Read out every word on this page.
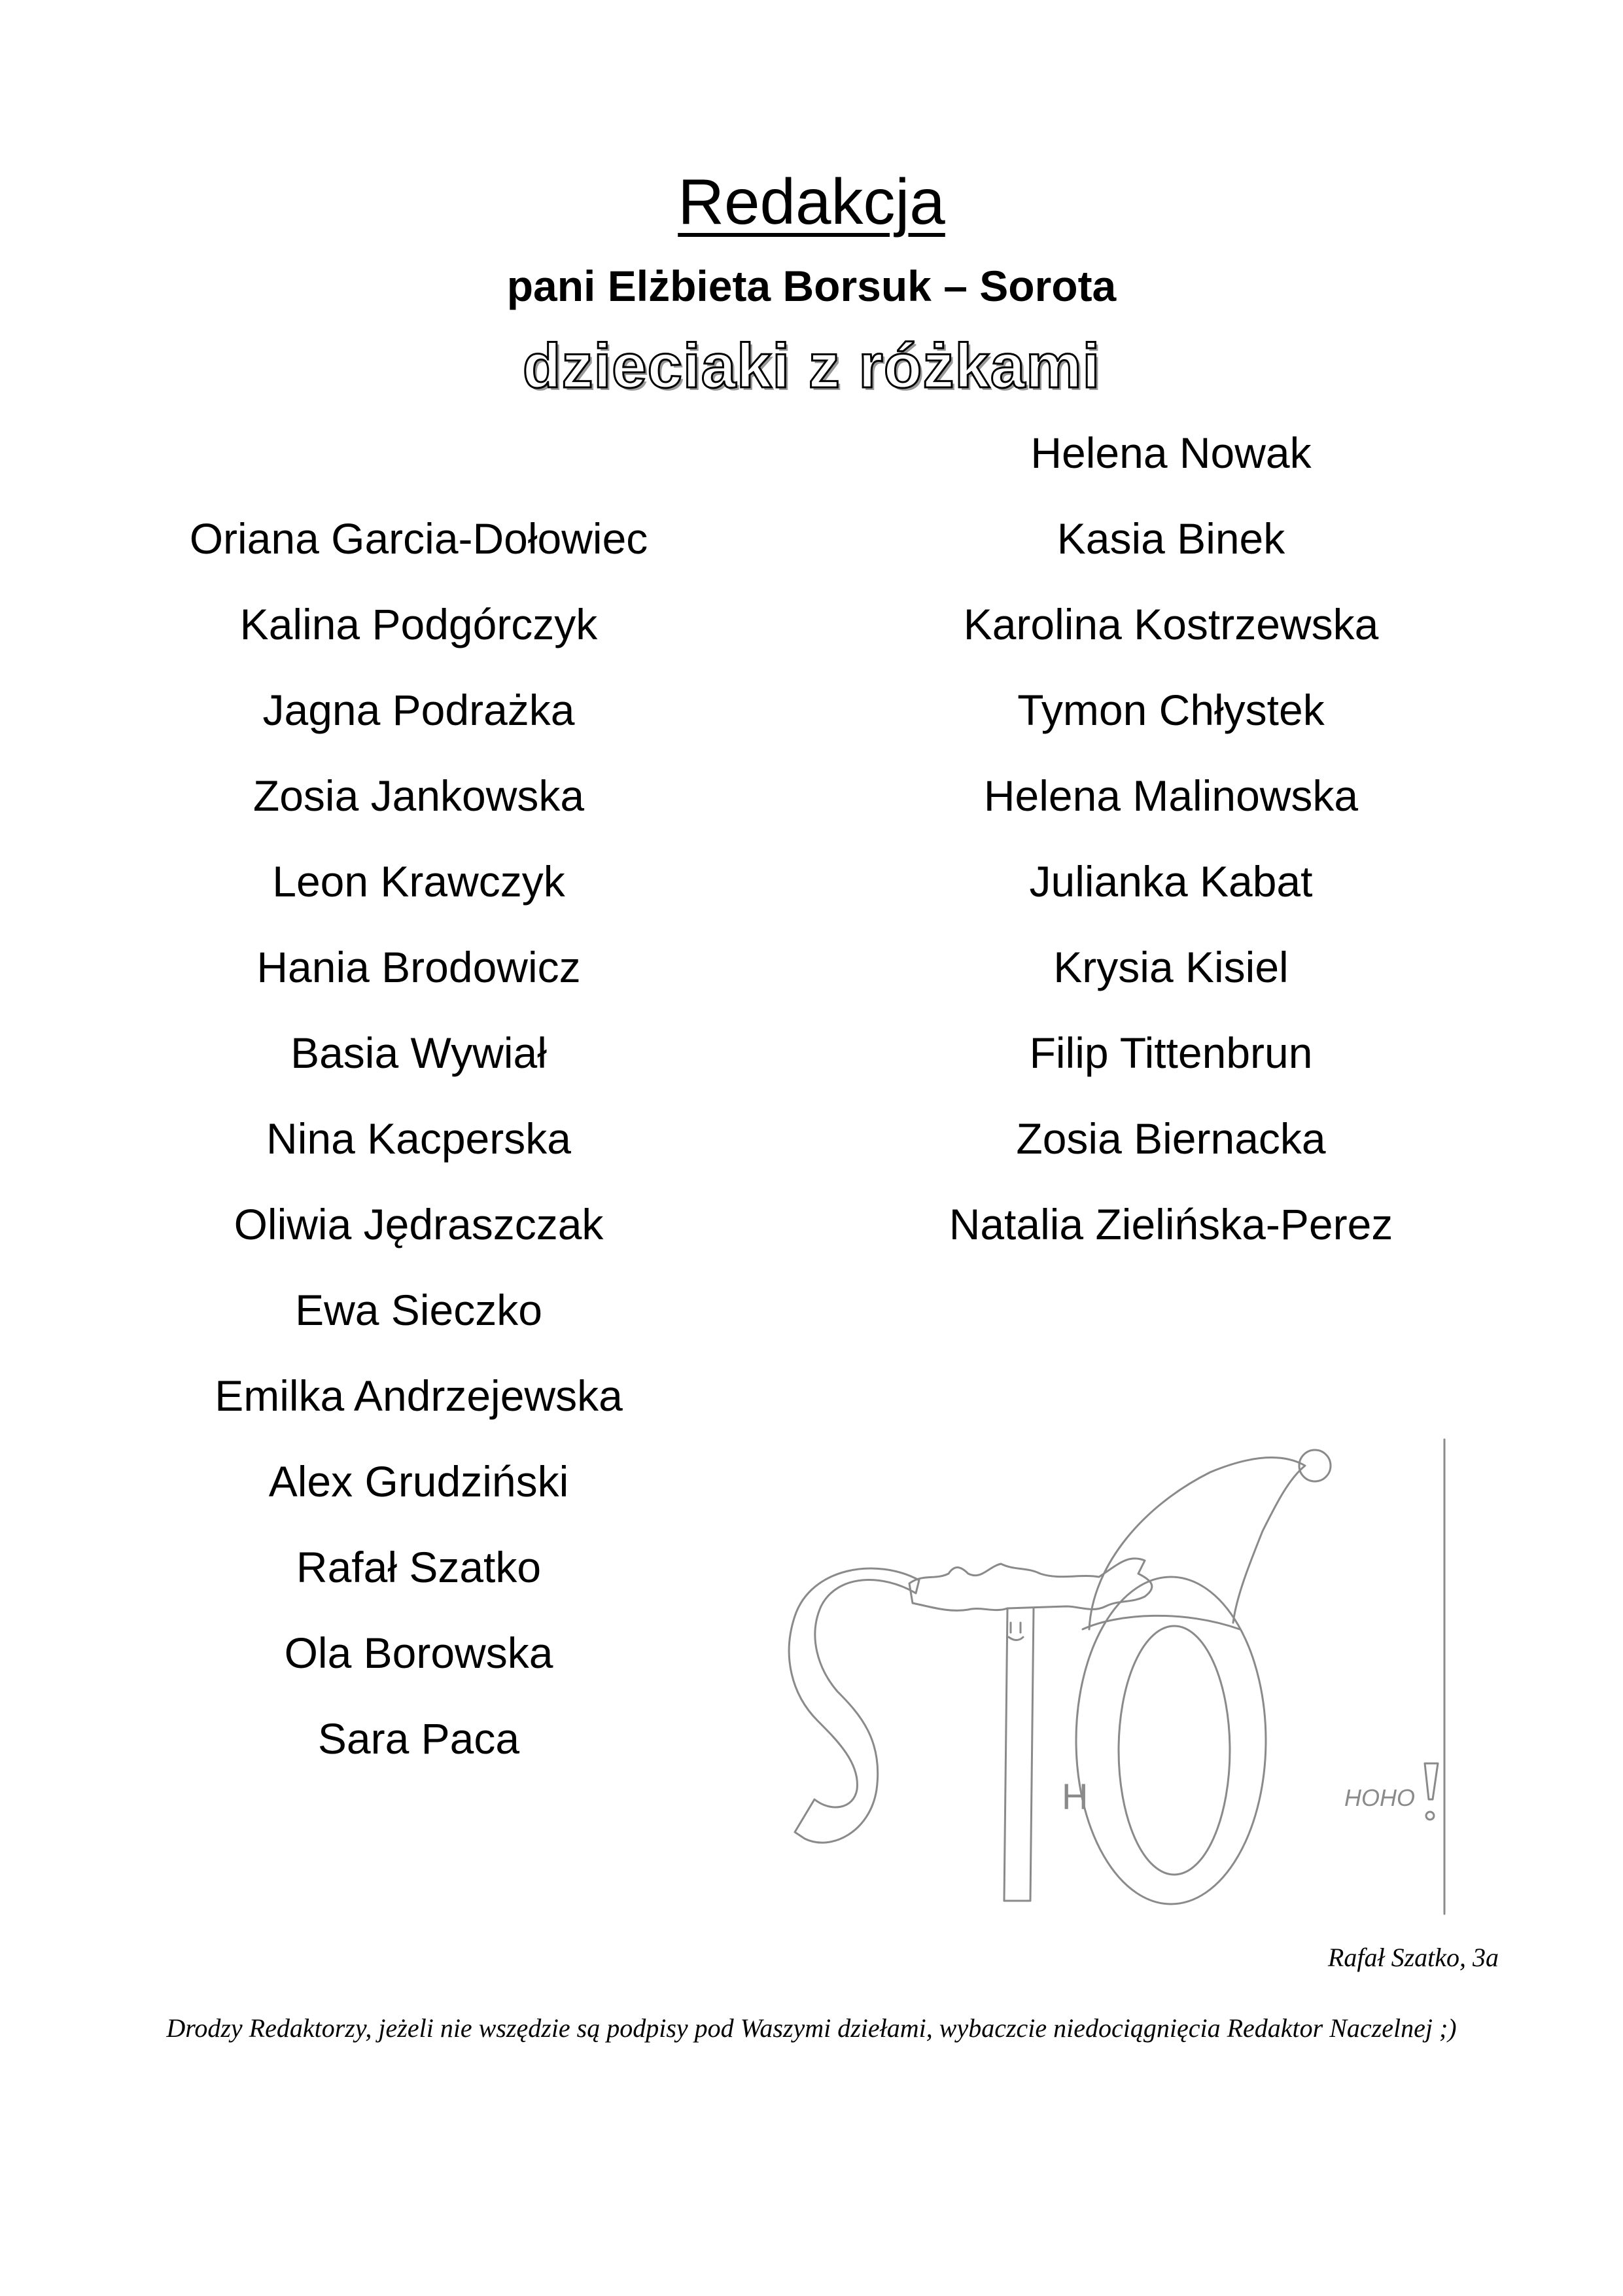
Redakcja
pani Elżbieta Borsuk – Sorota
dzieciaki z różkami
Oriana Garcia-Dołowiec
Kalina Podgórczyk
Jagna Podrażka
Zosia Jankowska
Leon Krawczyk
Hania Brodowicz
Basia Wywiał
Nina Kacperska
Oliwia Jędraszczak
Ewa Sieczko
Emilka Andrzejewska
Alex Grudziński
Rafał Szatko
Ola Borowska
Sara Paca
Helena Nowak
Kasia Binek
Karolina Kostrzewska
Tymon Chłystek
Helena Malinowska
Julianka Kabat
Krysia Kisiel
Filip Tittenbrun
Zosia Biernacka
Natalia Zielińska-Perez
H	HOHO
Rafał Szatko, 3a
Drodzy Redaktorzy, jeżeli nie wszędzie są podpisy pod Waszymi dziełami, wybaczcie niedociągnięcia Redaktor Naczelnej ;)
